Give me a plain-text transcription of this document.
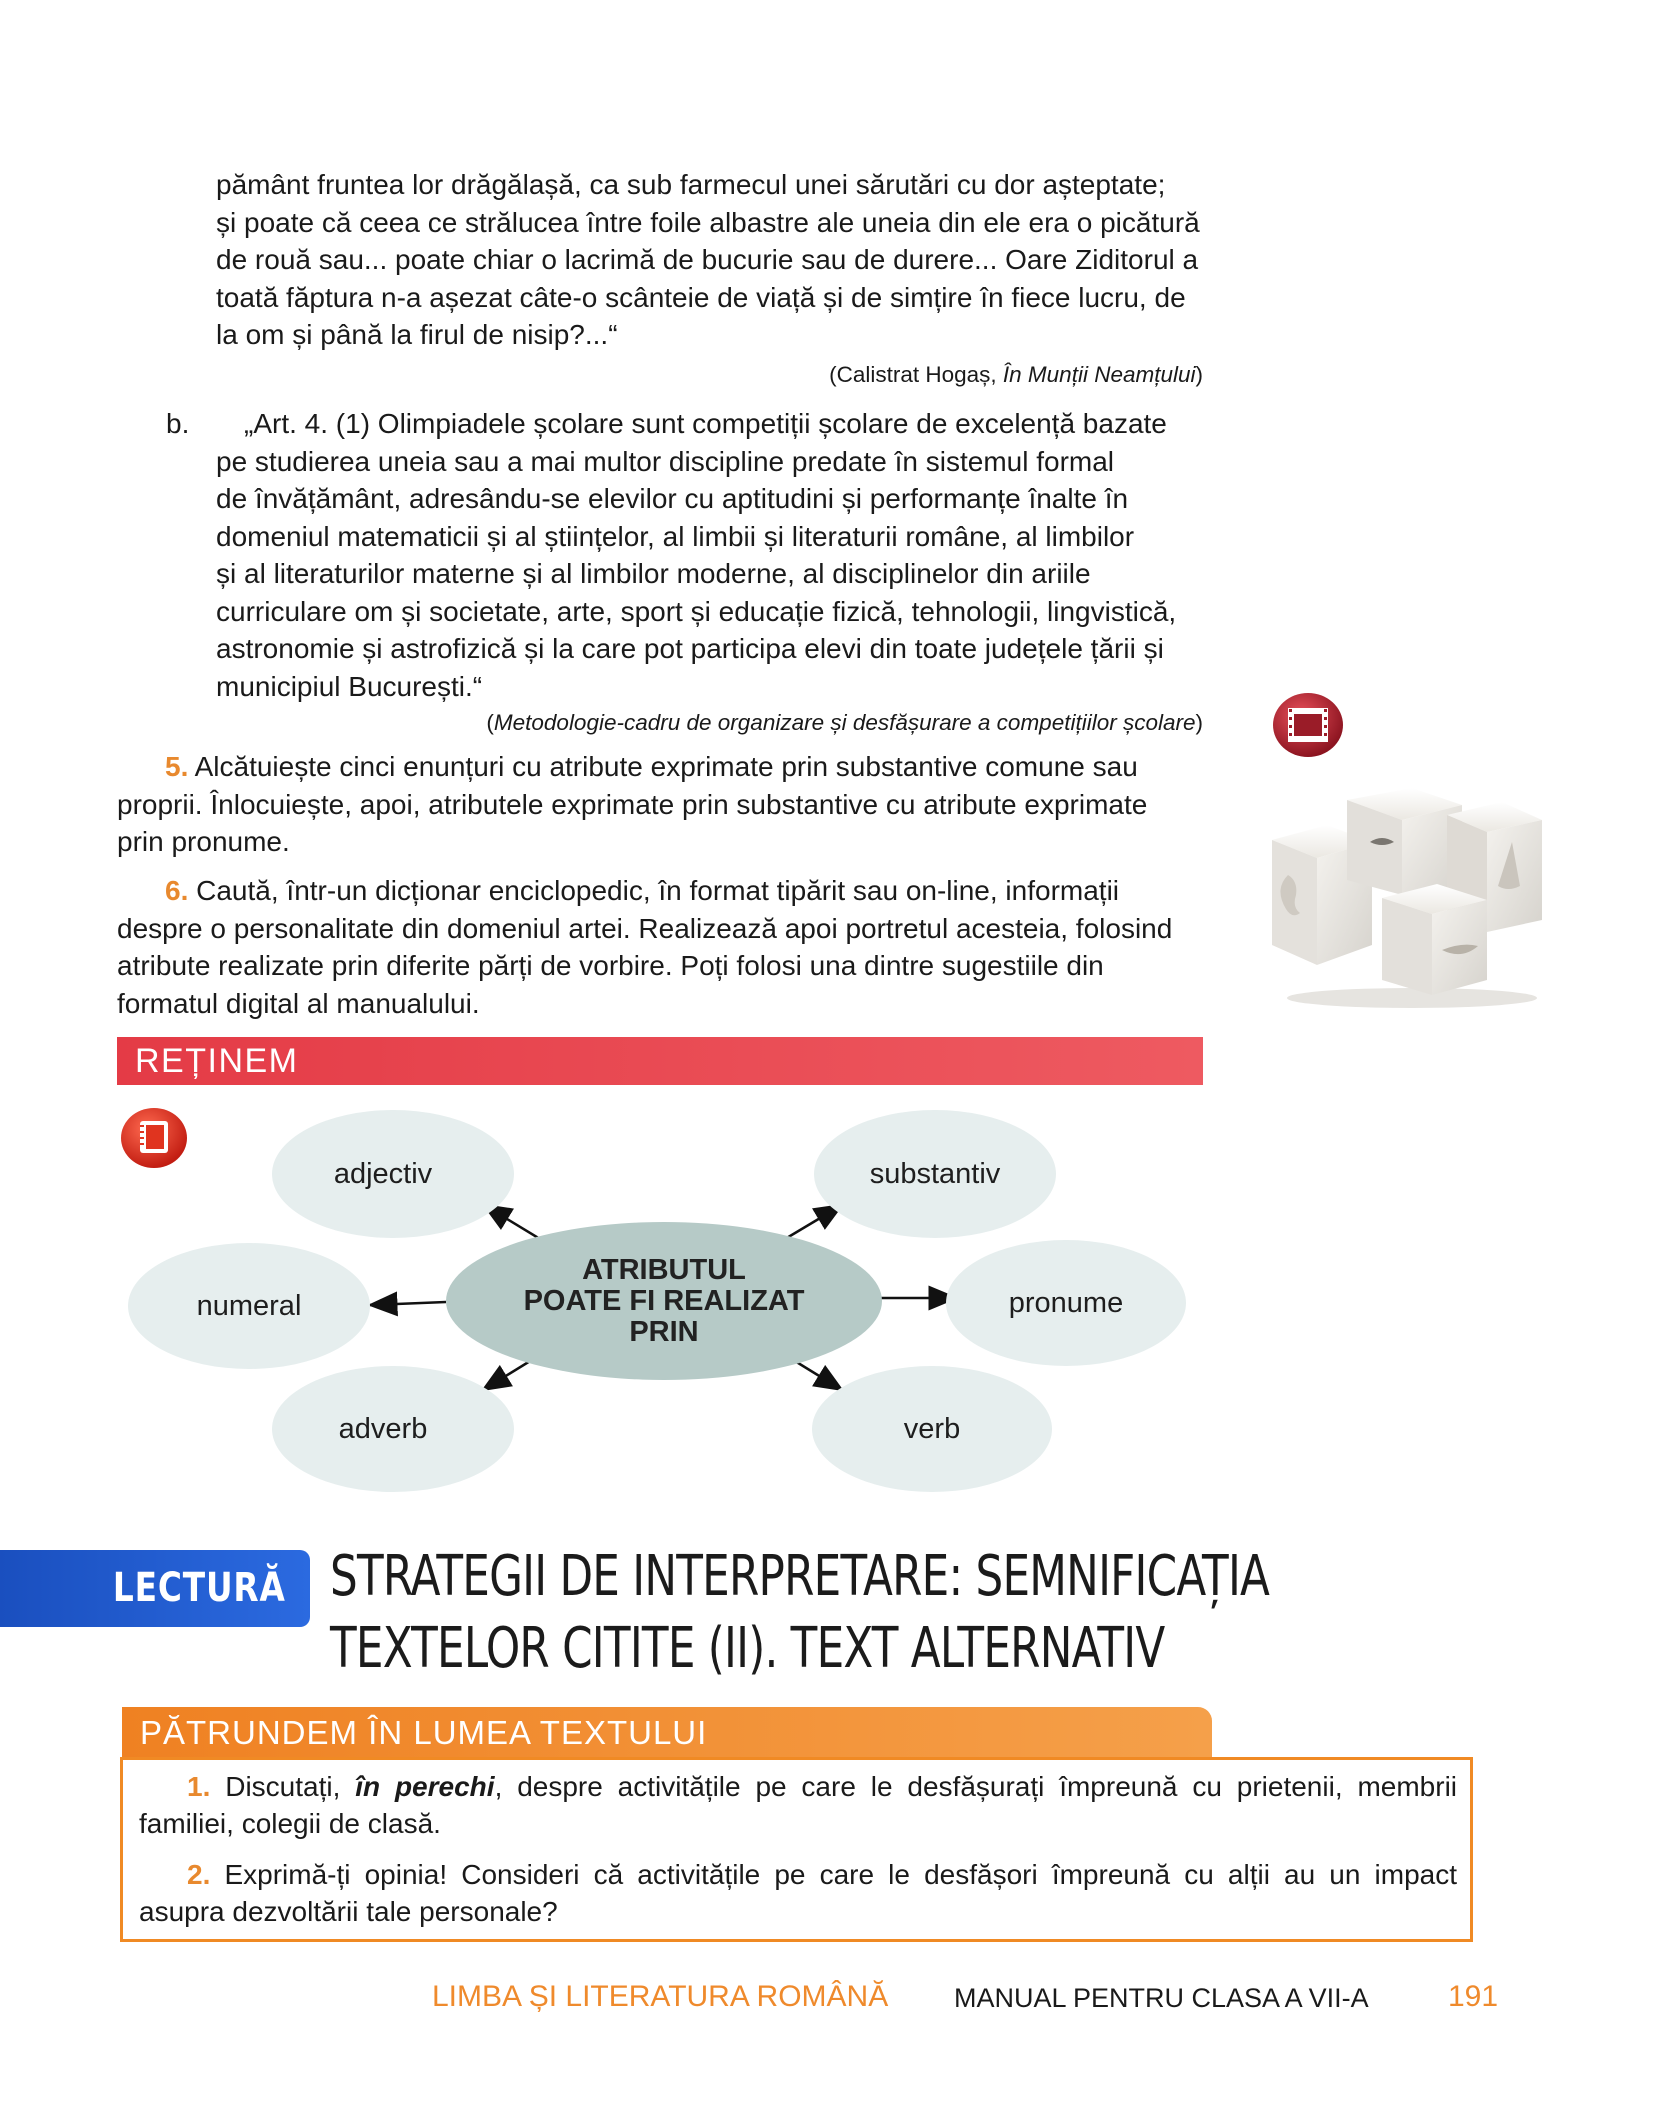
pământ fruntea lor drăgălașă, ca sub farmecul unei sărutări cu dor așteptate;
și poate că ceea ce strălucea între foile albastre ale uneia din ele era o picătură
de rouă sau... poate chiar o lacrimă de bucurie sau de durere... Oare Ziditorul a
toată făptura n-a așezat câte-o scânteie de viață și de simțire în fiece lucru, de
la om și până la firul de nisip?...“
(Calistrat Hogaș, În Munții Neamțului)
b.	„Art. 4. (1) Olimpiadele școlare sunt competiții școlare de excelență bazate
pe studierea uneia sau a mai multor discipline predate în sistemul formal
de învățământ, adresându-se elevilor cu aptitudini și performanțe înalte în
domeniul matematicii și al științelor, al limbii și literaturii române, al limbilor
și al literaturilor materne și al limbilor moderne, al disciplinelor din ariile
curriculare om și societate, arte, sport și educație fizică, tehnologii, lingvistică,
astronomie și astrofizică și la care pot participa elevi din toate județele țării și
municipiul București.“
(Metodologie-cadru de organizare și desfășurare a competițiilor școlare)
5. Alcătuiește cinci enunțuri cu atribute exprimate prin substantive comune sau
proprii. Înlocuiește, apoi, atributele exprimate prin substantive cu atribute exprimate
prin pronume.
6. Caută, într-un dicționar enciclopedic, în format tipărit sau on-line, informații
despre o personalitate din domeniul artei. Realizează apoi portretul acesteia, folosind
atribute realizate prin diferite părți de vorbire. Poți folosi una dintre sugestiile din
formatul digital al manualului.
REȚINEM
adjectiv	substantiv
numeral	pronume
adverb	verb
ATRIBUTUL
POATE FI REALIZAT
PRIN
LECTURĂ STRATEGII DE INTERPRETARE: SEMNIFICAȚIA
TEXTELOR CITITE (II). TEXT ALTERNATIV
PĂTRUNDEM ÎN LUMEA TEXTULUI
1. Discutați, în perechi, despre activitățile pe care le desfășurați împreună cu prietenii, membrii
familiei, colegii de clasă.
2. Exprimă-ți opinia! Consideri că activitățile pe care le desfășori împreună cu alții au un impact
asupra dezvoltării tale personale?
LIMBA ȘI LITERATURA ROMÂNĂ MANUAL PENTRU CLASA A VII-A	191
